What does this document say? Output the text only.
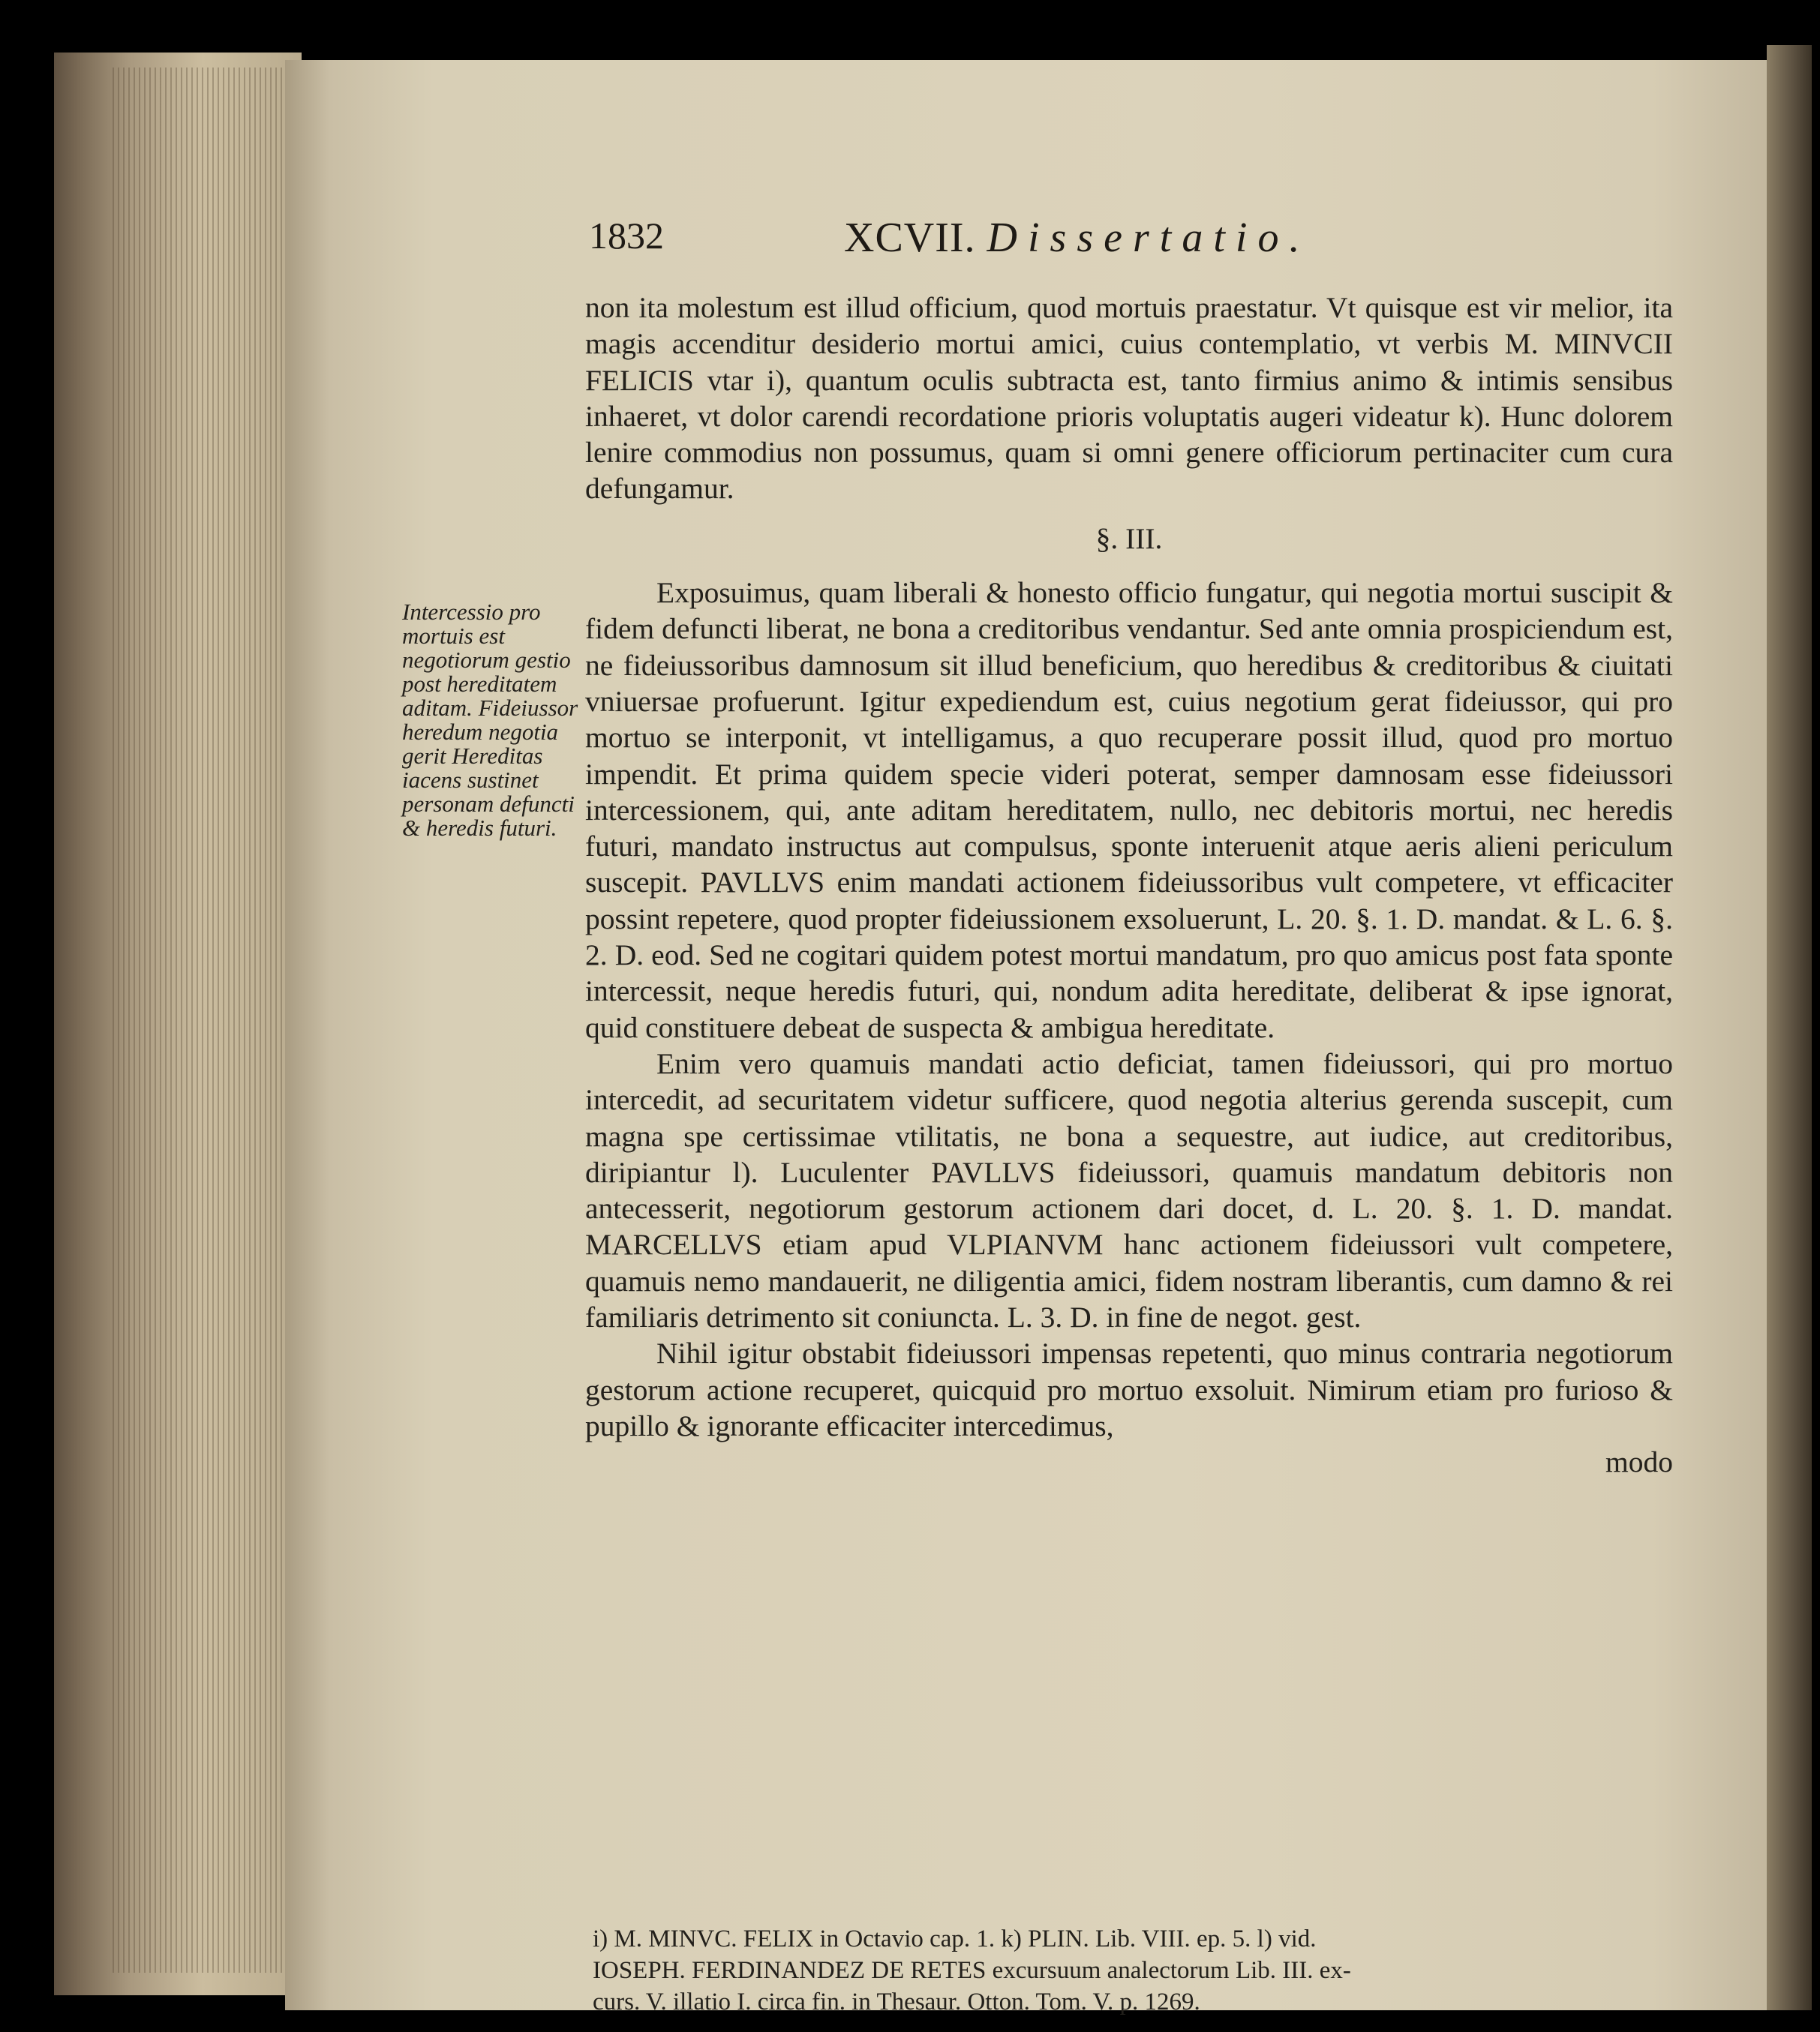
1832	XCVII. Dissertatio.
Intercessio pro mortuis est negotiorum gestio post hereditatem aditam. Fideiussor heredum negotia gerit Hereditas iacens sustinet personam defuncti & heredis futuri.

non ita molestum est illud officium, quod mortuis praestatur. Vt quisque est vir melior, ita magis accenditur desiderio mortui amici, cuius contemplatio, vt verbis M. MINVCII FELICIS vtar i), quantum oculis subtracta est, tanto firmius animo & intimis sensibus inhaeret, vt dolor carendi recordatione prioris voluptatis augeri videatur k). Hunc dolorem lenire commodius non possumus, quam si omni genere officiorum pertinaciter cum cura defungamur.

§. III.

Exposuimus, quam liberali & honesto officio fungatur, qui negotia mortui suscipit & fidem defuncti liberat, ne bona a creditoribus vendantur. Sed ante omnia prospiciendum est, ne fideiussoribus damnosum sit illud beneficium, quo heredibus & creditoribus & ciuitati vniuersae profuerunt. Igitur expediendum est, cuius negotium gerat fideiussor, qui pro mortuo se interponit, vt intelligamus, a quo recuperare possit illud, quod pro mortuo impendit. Et prima quidem specie videri poterat, semper damnosam esse fideiussori intercessionem, qui, ante aditam hereditatem, nullo, nec debitoris mortui, nec heredis futuri, mandato instructus aut compulsus, sponte interuenit atque aeris alieni periculum suscepit. PAVLLVS enim mandati actionem fideiussoribus vult competere, vt efficaciter possint repetere, quod propter fideiussionem exsoluerunt, L. 20. §. 1. D. mandat. & L. 6. §. 2. D. eod. Sed ne cogitari quidem potest mortui mandatum, pro quo amicus post fata sponte intercessit, neque heredis futuri, qui, nondum adita hereditate, deliberat & ipse ignorat, quid constituere debeat de suspecta & ambigua hereditate.

Enim vero quamuis mandati actio deficiat, tamen fideiussori, qui pro mortuo intercedit, ad securitatem videtur sufficere, quod negotia alterius gerenda suscepit, cum magna spe certissimae vtilitatis, ne bona a sequestre, aut iudice, aut creditoribus, diripiantur l). Luculenter PAVLLVS fideiussori, quamuis mandatum debitoris non antecesserit, negotiorum gestorum actionem dari docet, d. L. 20. §. 1. D. mandat. MARCELLVS etiam apud VLPIANVM hanc actionem fideiussori vult competere, quamuis nemo mandauerit, ne diligentia amici, fidem nostram liberantis, cum damno & rei familiaris detrimento sit coniuncta. L. 3. D. in fine de negot. gest.

Nihil igitur obstabit fideiussori impensas repetenti, quo minus contraria negotiorum gestorum actione recuperet, quicquid pro mortuo exsoluit. Nimirum etiam pro furioso & pupillo & ignorante efficaciter intercedimus,

modo

i) M. MINVC. FELIX in Octavio cap. 1. k) PLIN. Lib. VIII. ep. 5. l) vid.
IOSEPH. FERDINANDEZ DE RETES excursuum analectorum Lib. III. ex-
curs. V. illatio I. circa fin. in Thesaur. Otton. Tom. V. p. 1269.
